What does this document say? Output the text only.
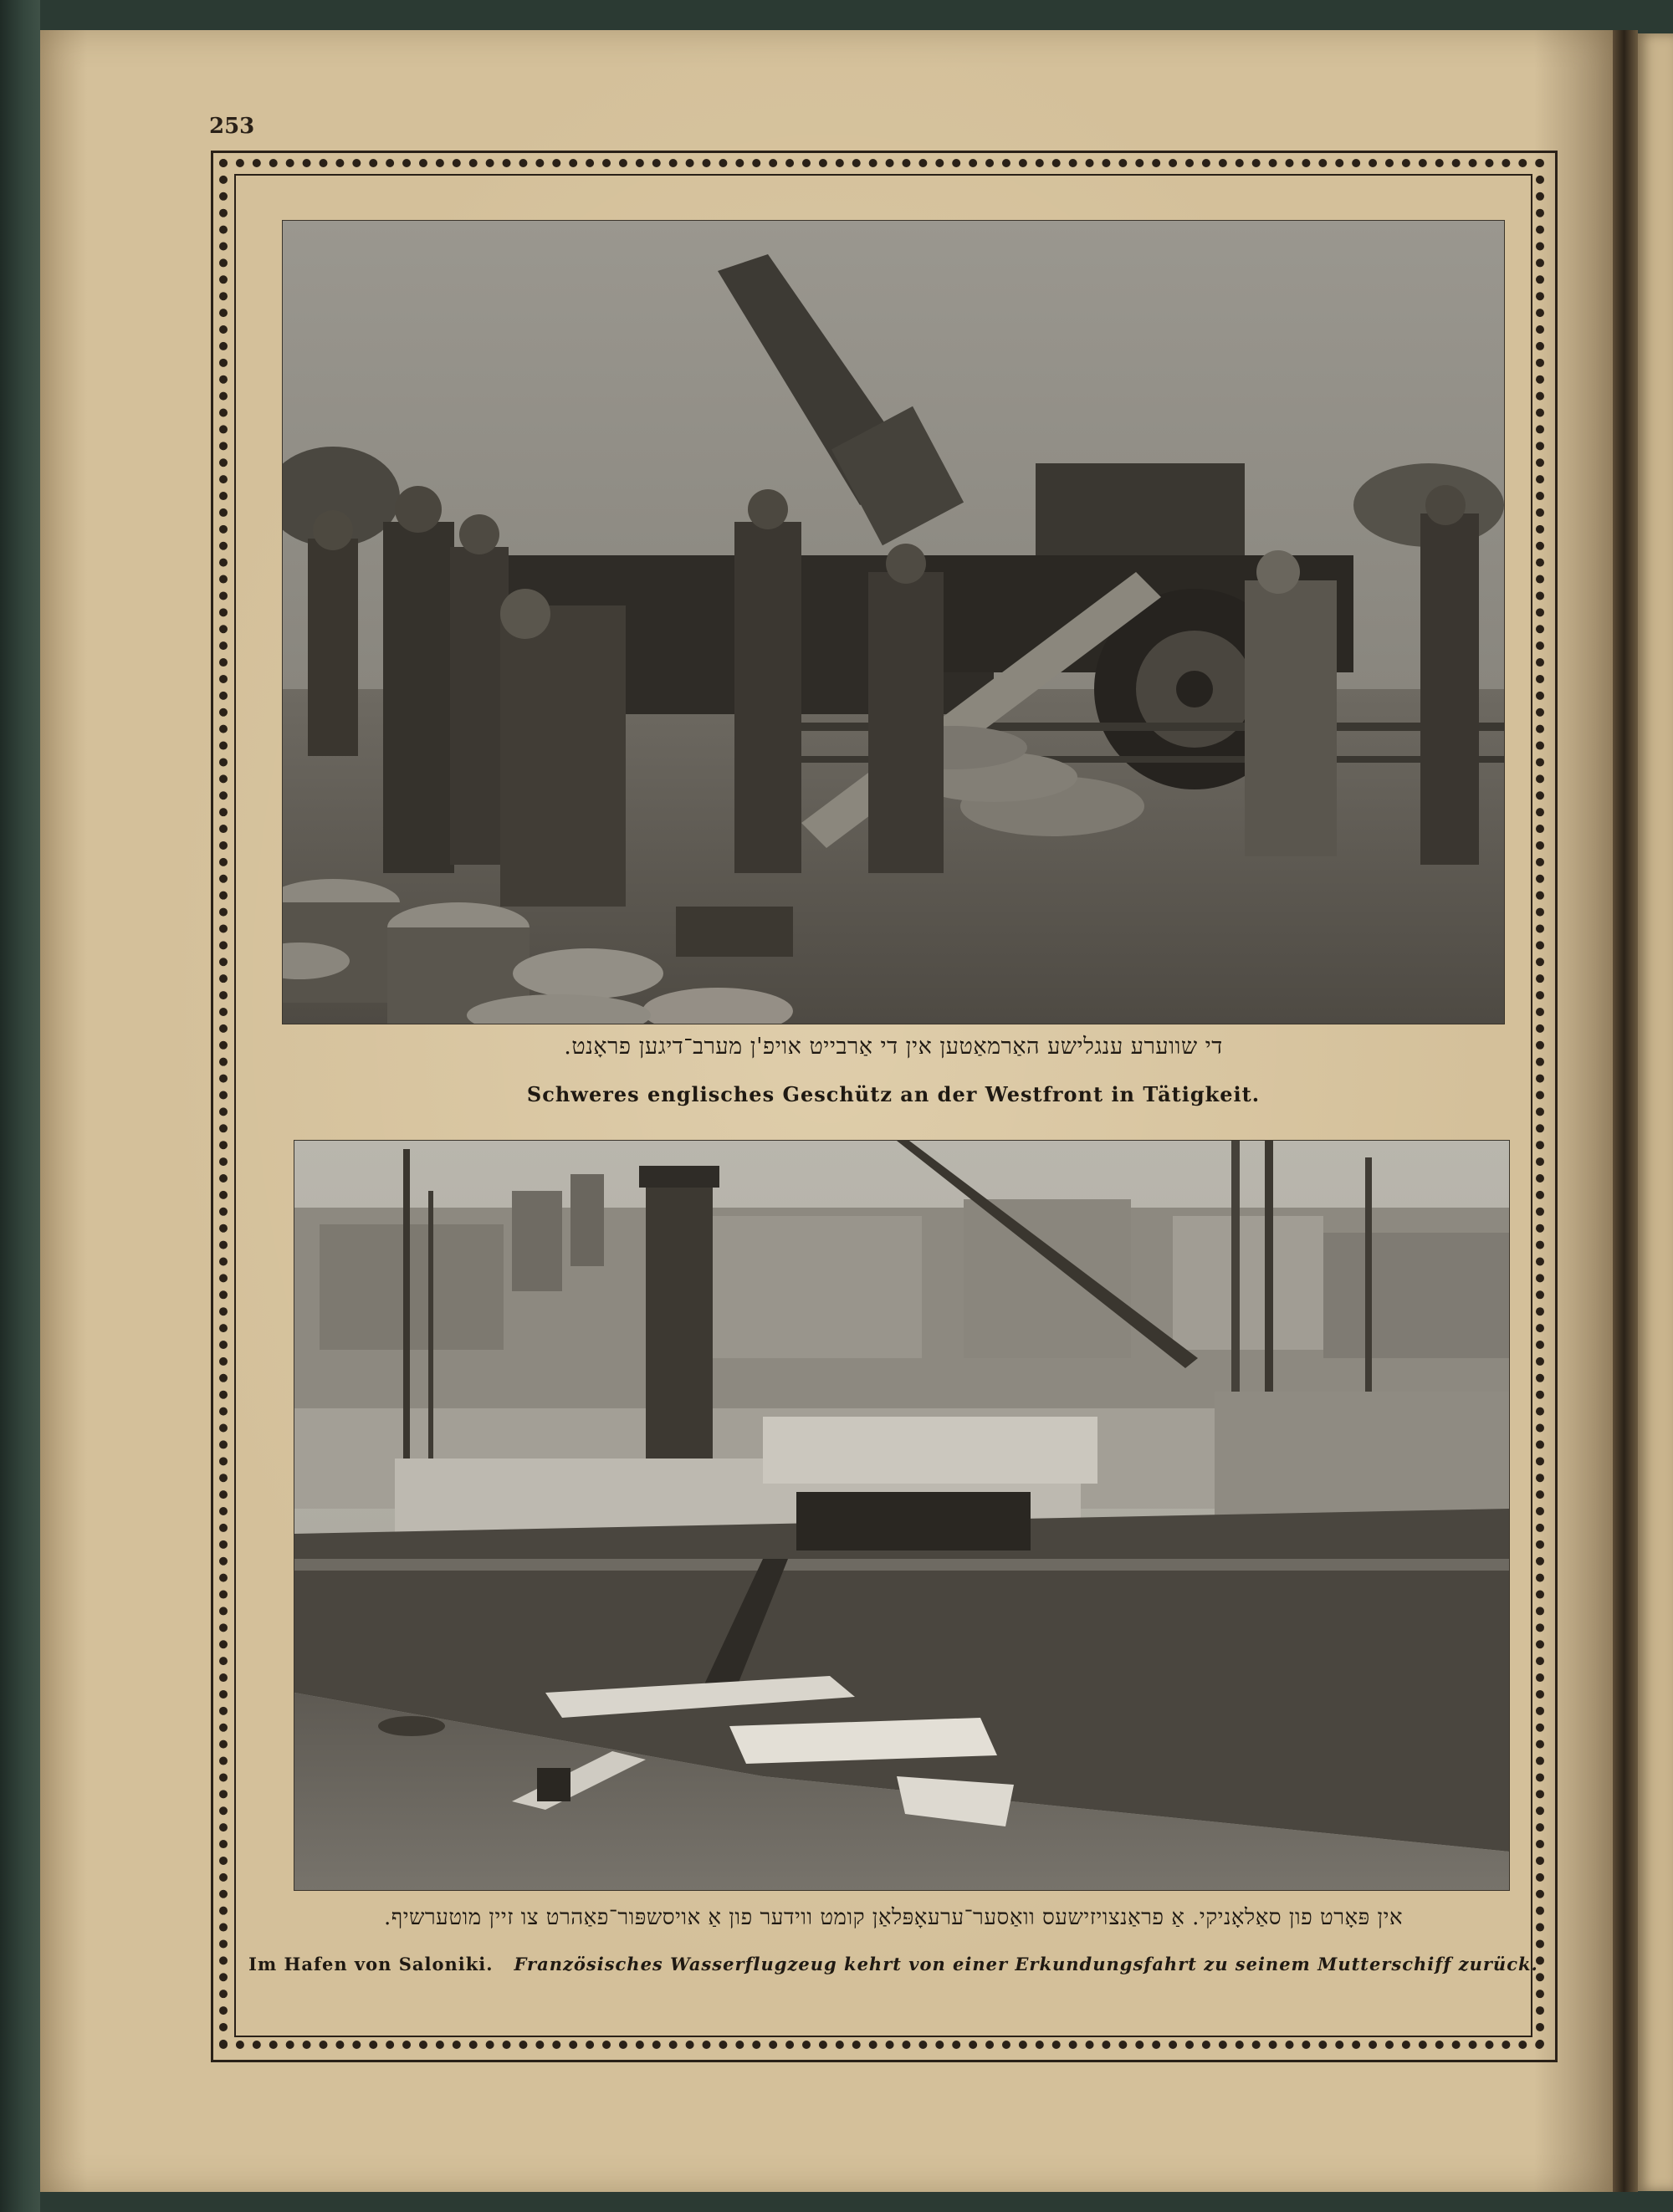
253
די שווערע ענגלישע האַרמאַטען אין די אַרבייט אויפ'ן מערב־דיגען פראָנט.
Schweres englisches Geschütz an der Westfront in Tätigkeit.
אין פּאָרט פון סאַלאָניקי. אַ פראַנצויזישעס וואַסער־ערעאָפּלאַן קומט ווידער פון אַ אויסשפּור־פאַהרט צו זיין מוטערשיף.
Im Hafen von Saloniki. Französisches Wasserflugzeug kehrt von einer Erkundungsfahrt zu seinem Mutterschiff zurück.
